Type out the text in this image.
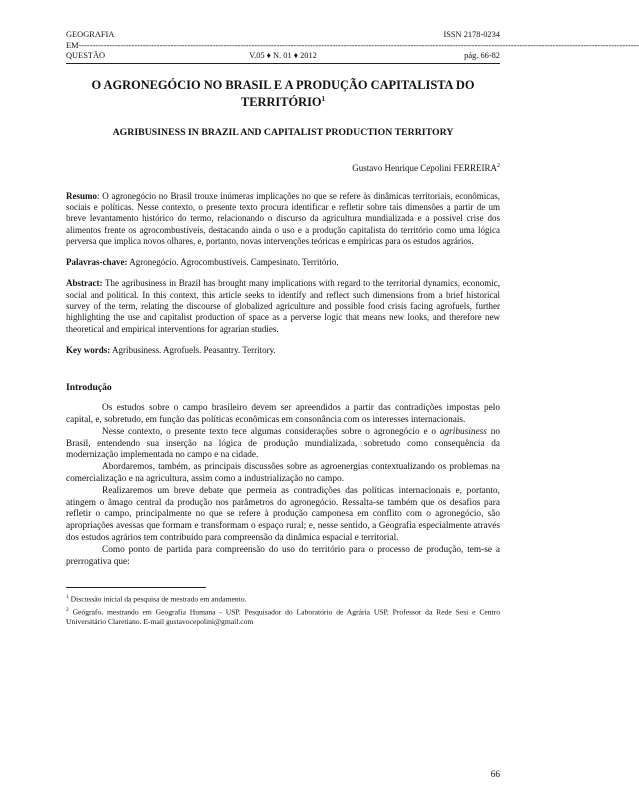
GEOGRAFIA	ISSN 2178-0234
EM---------------------------------------------------------------------------------------------------------------------------------------------------------------------------------------------------------
QUESTÃO	V.05 ♦ N. 01 ♦ 2012	pág. 66-82
O AGRONEGÓCIO NO BRASIL E A PRODUÇÃO CAPITALISTA DO TERRITÓRIO$^1$
AGRIBUSINESS IN BRAZIL AND CAPITALIST PRODUCTION TERRITORY
Gustavo Henrique Cepolini FERREIRA$^2$

Resumo: O agronegócio no Brasil trouxe inúmeras implicações no que se refere às dinâmicas territoriais, econômicas, sociais e políticas. Nesse contexto, o presente texto procura identificar e refletir sobre tais dimensões a partir de um breve levantamento histórico do termo, relacionando o discurso da agricultura mundializada e a possível crise dos alimentos frente os agrocombustíveis, destacando ainda o uso e a produção capitalista do território como uma lógica perversa que implica novos olhares, e, portanto, novas intervenções teóricas e empíricas para os estudos agrários.

Palavras-chave: Agronegócio. Agrocombustíveis. Campesinato. Território.

Abstract: The agribusiness in Brazil has brought many implications with regard to the territorial dynamics, economic, social and political. In this context, this article seeks to identify and reflect such dimensions from a brief historical survey of the term, relating the discourse of globalized agriculture and possible food crisis facing agrofuels, further highlighting the use and capitalist production of space as a perverse logic that means new looks, and therefore new theoretical and empirical interventions for agrarian studies.

Key words: Agribusiness. Agrofuels. Peasantry. Territory.

Introdução

Os estudos sobre o campo brasileiro devem ser apreendidos a partir das contradições impostas pelo capital, e, sobretudo, em função das políticas econômicas em consonância com os interesses internacionais.

Nesse contexto, o presente texto tece algumas considerações sobre o agronegócio e o agribusiness no Brasil, entendendo sua inserção na lógica de produção mundializada, sobretudo como consequência da modernização implementada no campo e na cidade.

Abordaremos, também, as principais discussões sobre as agroenergias contextualizando os problemas na comercialização e na agricultura, assim como a industrialização no campo.

Realizaremos um breve debate que permeia as contradições das políticas internacionais e, portanto, atingem o âmago central da produção nos parâmetros do agronegócio. Ressalta-se também que os desafios para refletir o campo, principalmente no que se refere à produção camponesa em conflito com o agronegócio, são apropriações avessas que formam e transformam o espaço rural; e, nesse sentido, a Geografia especialmente através dos estudos agrários tem contribuído para compreensão da dinâmica espacial e territorial.

Como ponto de partida para compreensão do uso do território para o processo de produção, tem-se a prerrogativa que:

$^1$ Discussão inicial da pesquisa de mestrado em andamento.

$^2$ Geógrafo, mestrando em Geografia Humana - USP. Pesquisador do Laboratório de Agrária USP. Professor da Rede Sesi e Centro Universitário Claretiano. E-mail gustavocepolini@gmail.com

66
